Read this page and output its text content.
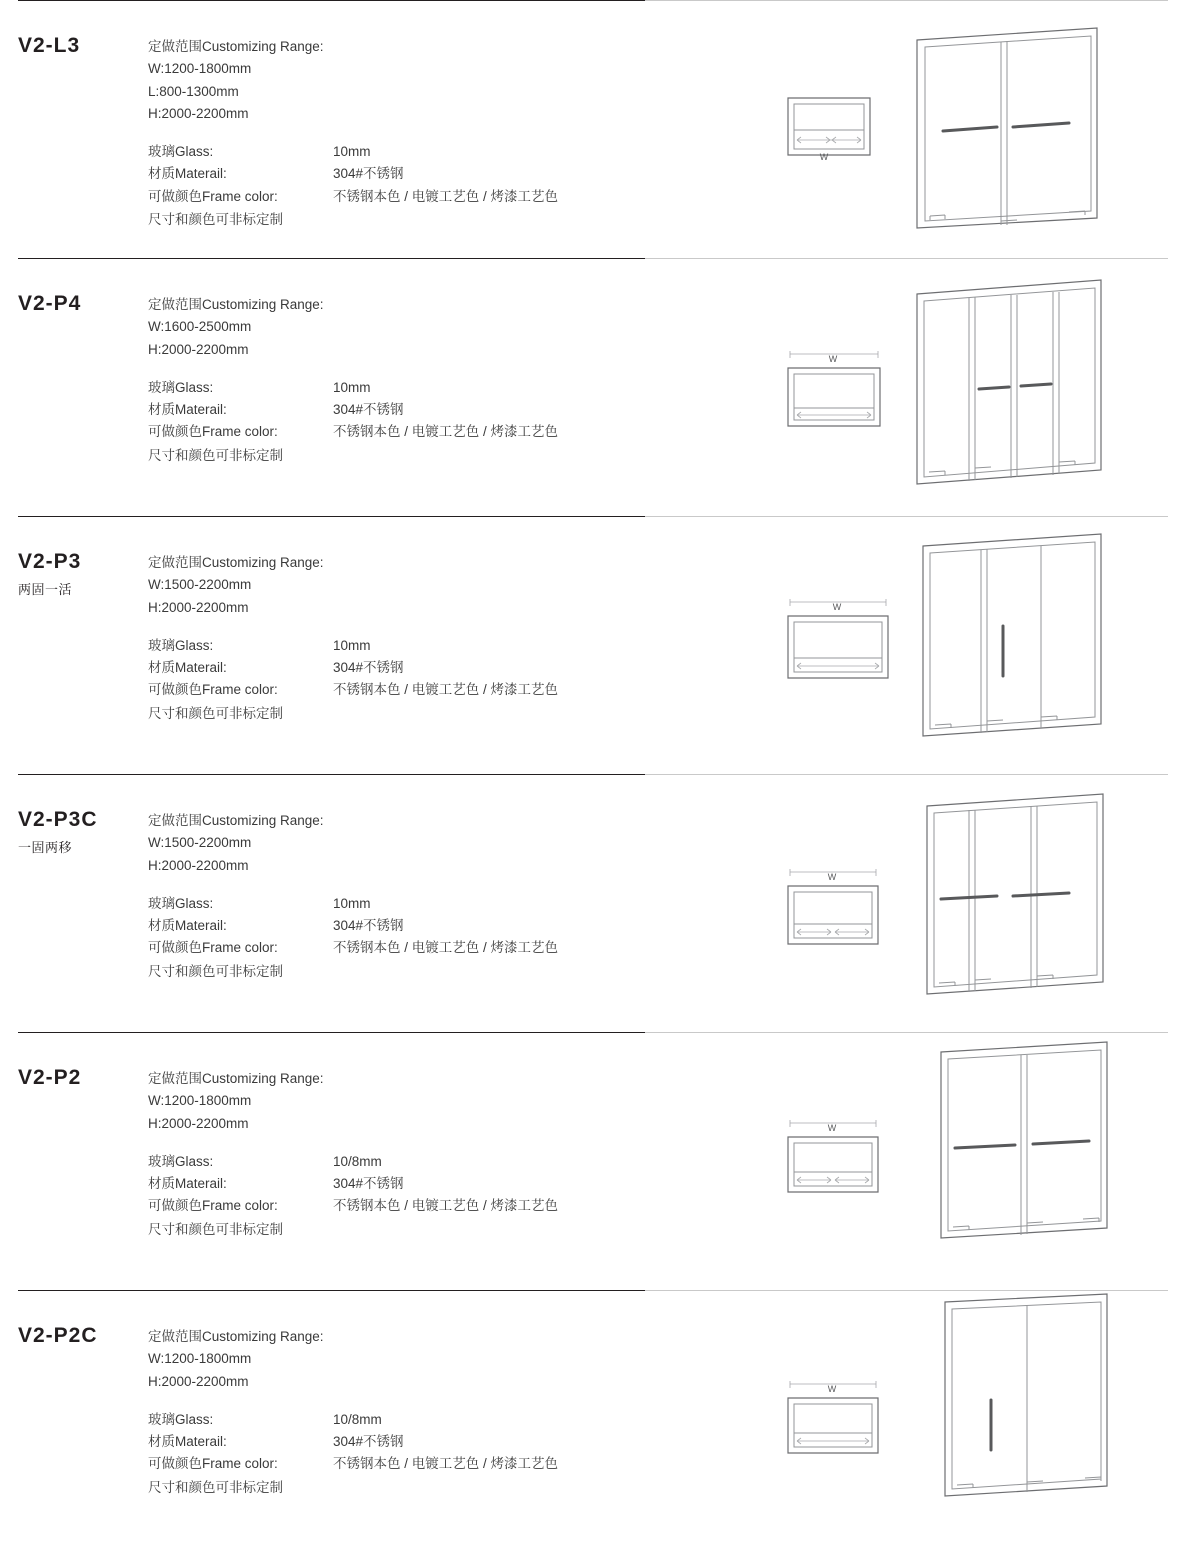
V2-L3	定做范围Customizing Range:
W:1200-1800mm
L:800-1300mm
H:2000-2200mm
玻璃Glass:	10mm
材质Materail:	304#不锈钢
可做颜色Frame color:	不锈钢本色 / 电镀工艺色 / 烤漆工艺色
尺寸和颜色可非标定制
W
V2-P4	定做范围Customizing Range:
W:1600-2500mm
H:2000-2200mm
玻璃Glass:	10mm
材质Materail:	304#不锈钢
可做颜色Frame color:	不锈钢本色 / 电镀工艺色 / 烤漆工艺色
尺寸和颜色可非标定制
W
V2-P3
两固一活
定做范围Customizing Range:
W:1500-2200mm
H:2000-2200mm
玻璃Glass:	10mm
材质Materail:	304#不锈钢
可做颜色Frame color:	不锈钢本色 / 电镀工艺色 / 烤漆工艺色
尺寸和颜色可非标定制
W
V2-P3C
一固两移
定做范围Customizing Range:
W:1500-2200mm
H:2000-2200mm
玻璃Glass:	10mm
材质Materail:	304#不锈钢
可做颜色Frame color:	不锈钢本色 / 电镀工艺色 / 烤漆工艺色
尺寸和颜色可非标定制
W
V2-P2	定做范围Customizing Range:
W:1200-1800mm
H:2000-2200mm
玻璃Glass:	10/8mm
材质Materail:	304#不锈钢
可做颜色Frame color:	不锈钢本色 / 电镀工艺色 / 烤漆工艺色
尺寸和颜色可非标定制
W
V2-P2C	定做范围Customizing Range:
W:1200-1800mm
H:2000-2200mm
玻璃Glass:	10/8mm
材质Materail:	304#不锈钢
可做颜色Frame color:	不锈钢本色 / 电镀工艺色 / 烤漆工艺色
尺寸和颜色可非标定制
W
